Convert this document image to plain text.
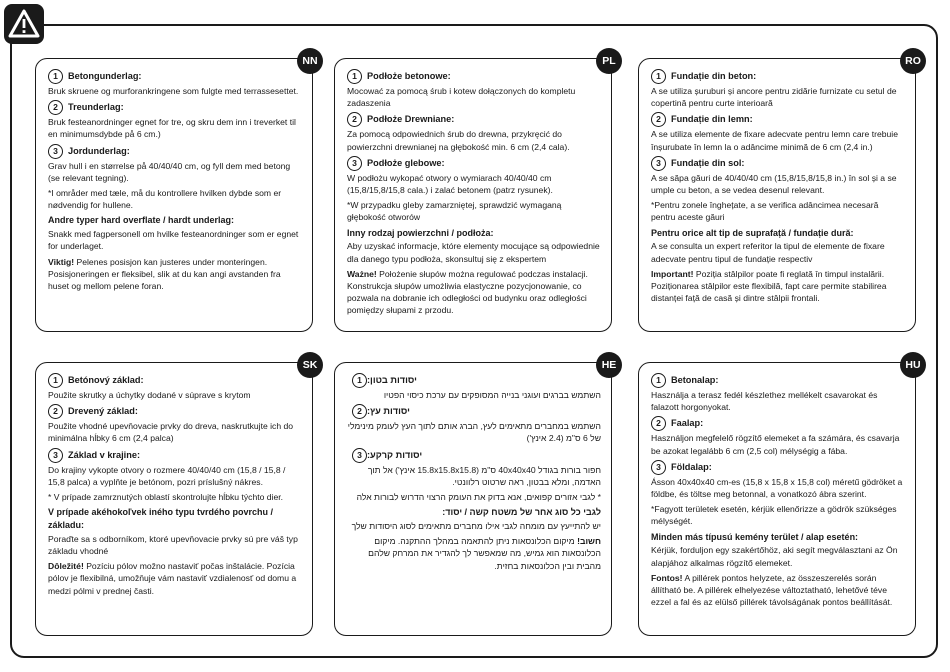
NN
1	Betongunderlag:

Bruk skruene og murforankringene som fulgte med terrassesettet.

2	Treunderlag:

Bruk festeanordninger egnet for tre, og skru dem inn i treverket til en minimumsdybde på 6 cm.)

3	Jordunderlag:

Grav hull i en størrelse på 40/40/40 cm, og fyll dem med betong (se relevant tegning).

*I områder med tæle, må du kontrollere hvilken dybde som er nødvendig for hullene.

Andre typer hard overflate / hardt underlag:

Snakk med fagpersonell om hvilke festeanordninger som er egnet for underlaget.

Viktig! Pelenes posisjon kan justeres under monteringen. Posisjoneringen er fleksibel, slik at du kan angi avstanden fra huset og mellom pelene foran.

PL
1	Podłoże betonowe:

Mocować za pomocą śrub i kotew dołączonych do kompletu zadaszenia

2	Podłoże Drewniane:

Za pomocą odpowiednich śrub do drewna, przykręcić do powierzchni drewnianej na głębokość min. 6 cm (2,4 cala).

3	Podłoże glebowe:

W podłożu wykopać otwory o wymiarach 40/40/40 cm (15,8/15,8/15,8 cala.) i zalać betonem (patrz rysunek).

*W przypadku gleby zamarzniętej, sprawdzić wymaganą głębokość otworów

Inny rodzaj powierzchni / podłoża:

Aby uzyskać informacje, które elementy mocujące są odpowiednie dla danego typu podłoża, skonsultuj się z ekspertem

Ważne! Położenie słupów można regulować podczas instalacji. Konstrukcja słupów umożliwia elastyczne pozycjonowanie, co pozwala na dobranie ich odległości od budynku oraz odległości pomiędzy słupami z przodu.

RO
1	Fundație din beton:

A se utiliza șuruburi și ancore pentru zidărie furnizate cu setul de copertină pentru curte interioară

2	Fundație din lemn:

A se utiliza elemente de fixare adecvate pentru lemn care trebuie înșurubate în lemn la o adâncime minimă de 6 cm (2,4 in.)

3	Fundație din sol:

A se săpa găuri de 40/40/40 cm (15,8/15,8/15,8 in.) în sol și a se umple cu beton, a se vedea desenul relevant.

*Pentru zonele înghețate, a se verifica adâncimea necesară pentru aceste găuri

Pentru orice alt tip de suprafață / fundație dură:

A se consulta un expert referitor la tipul de elemente de fixare adecvate pentru tipul de fundație respectiv

Important! Poziția stâlpilor poate fi reglată în timpul instalării. Poziționarea stâlpilor este flexibilă, fapt care permite stabilirea distanței față de casă și dintre stâlpii frontali.

SK
1	Betónový základ:

Použite skrutky a úchytky dodané v súprave s krytom

2	Drevený základ:

Použite vhodné upevňovacie prvky do dreva, naskrutkujte ich do minimálna hĺbky 6 cm (2,4 palca)

3	Základ v krajine:

Do krajiny vykopte otvory o rozmere 40/40/40 cm (15,8 / 15,8 / 15,8 palca) a vyplňte je betónom, pozri príslušný nákres.

* V prípade zamrznutých oblastí skontrolujte hĺbku týchto dier.

V prípade akéhokoľvek iného typu tvrdého povrchu / základu:

Poraďte sa s odborníkom, ktoré upevňovacie prvky sú pre váš typ základu vhodné

Dôležité! Pozíciu pólov možno nastaviť počas inštalácie. Pozícia pólov je flexibilná, umožňuje vám nastaviť vzdialenosť od domu a medzi pólmi v prednej časti.

HE
1 יסודות בטון:

השתמש בברגים ועוגני בנייה המסופקים עם ערכת כיסוי הפטיו

2 יסודות עץ:

השתמש במחברים מתאימים לעץ, הברג אותם לתוך העץ לעומק מינימלי של 6 ס"מ (2.4 אינץ')

3 יסודות קרקע:

חפור בורות בגודל 40x40x40 ס"מ (15.8x15.8x15.8 אינץ') אל תוך האדמה, ומלא בבטון, ראה שרטוט רלוונטי.

* לגבי אזורים קפואים, אנא בדוק את העומק הרצוי הדרוש לבורות אלה

לגבי כל סוג אחר של משטח קשה / יסוד:

יש להתייעץ עם מומחה לגבי אילו מחברים מתאימים לסוג היסודות שלך

חשוב! מיקום הכלונסאות ניתן להתאמה במהלך ההתקנה. מיקום הכלונסאות הוא גמיש, מה שמאפשר לך להגדיר את המרחק שלהם מהבית ובין הכלונסאות בחזית.

HU
1	Betonalap:

Használja a terasz fedél készlethez mellékelt csavarokat és falazott horgonyokat.

2	Faalap:

Használjon megfelelő rögzítő elemeket a fa számára, és csavarja be azokat legalább 6 cm (2,5 col) mélységig a fába.

3	Földalap:

Ásson 40x40x40 cm-es (15,8 x 15,8 x 15,8 col) méretű gödröket a földbe, és töltse meg betonnal, a vonatkozó ábra szerint.

*Fagyott területek esetén, kérjük ellenőrizze a gödrök szükséges mélységét.

Minden más típusú kemény terület / alap esetén:

Kérjük, forduljon egy szakértőhöz, aki segít megválasztani az Ön alapjához alkalmas rögzítő elemeket.

Fontos! A pillérek pontos helyzete, az összeszerelés során állítható be. A pillérek elhelyezése változtatható, lehetővé téve ezzel a fal és az elülső pillérek távolságának pontos beállítását.
